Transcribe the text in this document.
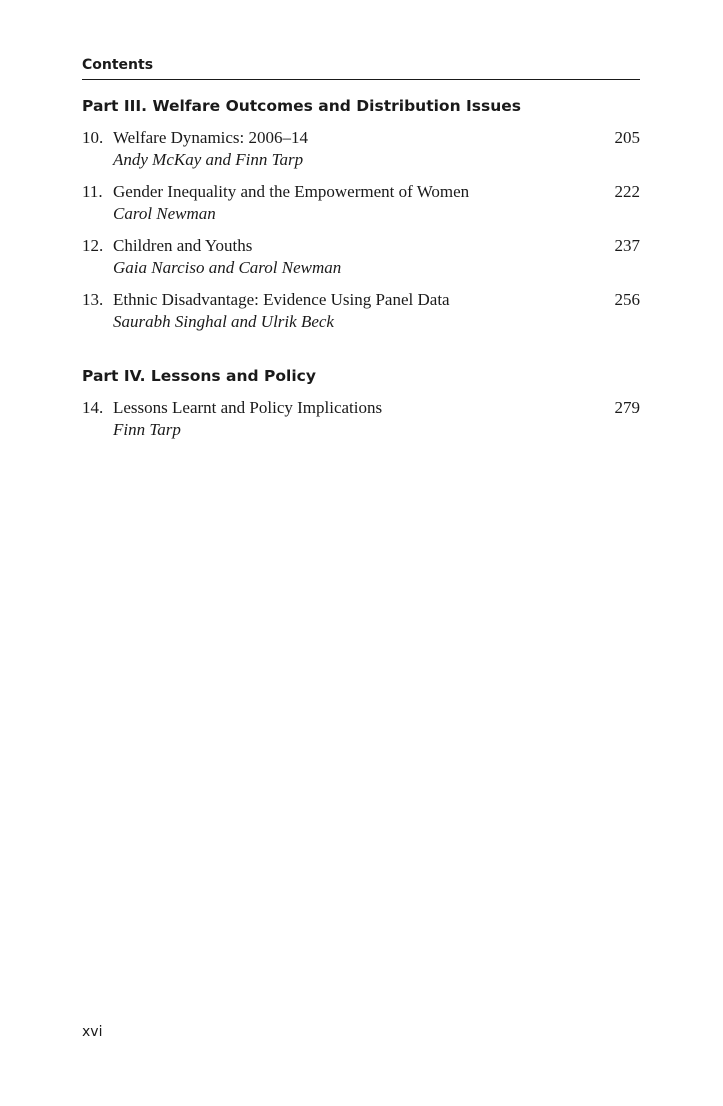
Contents
Part III. Welfare Outcomes and Distribution Issues
10. Welfare Dynamics: 2006–14	205
Andy McKay and Finn Tarp
11. Gender Inequality and the Empowerment of Women	222
Carol Newman
12. Children and Youths	237
Gaia Narciso and Carol Newman
13. Ethnic Disadvantage: Evidence Using Panel Data	256
Saurabh Singhal and Ulrik Beck
Part IV. Lessons and Policy
14. Lessons Learnt and Policy Implications	279
Finn Tarp
xvi
